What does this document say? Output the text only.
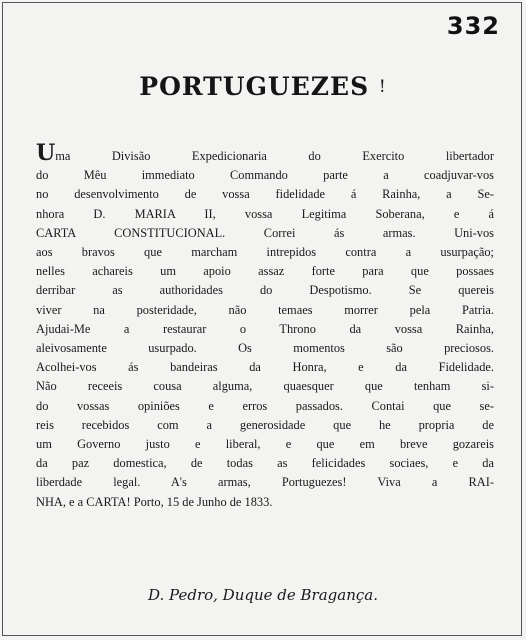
332
PORTUGUEZES !
Uma Divisão Expedicionaria do Exercito libertador
do Mêu immediato Commando parte a coadjuvar-vos
no desenvolvimento de vossa fidelidade á Rainha, a Se-
nhora D. MARIA II, vossa Legitima Soberana, e á
CARTA CONSTITUCIONAL. Correi ás armas. Uni-vos
aos bravos que marcham intrepidos contra a usurpação;
nelles achareis um apoio assaz forte para que possaes
derribar as authoridades do Despotismo. Se quereis
viver na posteridade, não temaes morrer pela Patria.
Ajudai-Me a restaurar o Throno da vossa Rainha,
aleivosamente usurpado. Os momentos são preciosos.
Acolhei-vos ás bandeiras da Honra, e da Fidelidade.
Não receeis cousa alguma, quaesquer que tenham si-
do vossas opiniões e erros passados. Contai que se-
reis recebidos com a generosidade que he propria de
um Governo justo e liberal, e que em breve gozareis
da paz domestica, de todas as felicidades sociaes, e da
liberdade legal. A's armas, Portuguezes! Viva a RAI-
NHA, e a CARTA! Porto, 15 de Junho de 1833.
D. Pedro, Duque de Bragança.
